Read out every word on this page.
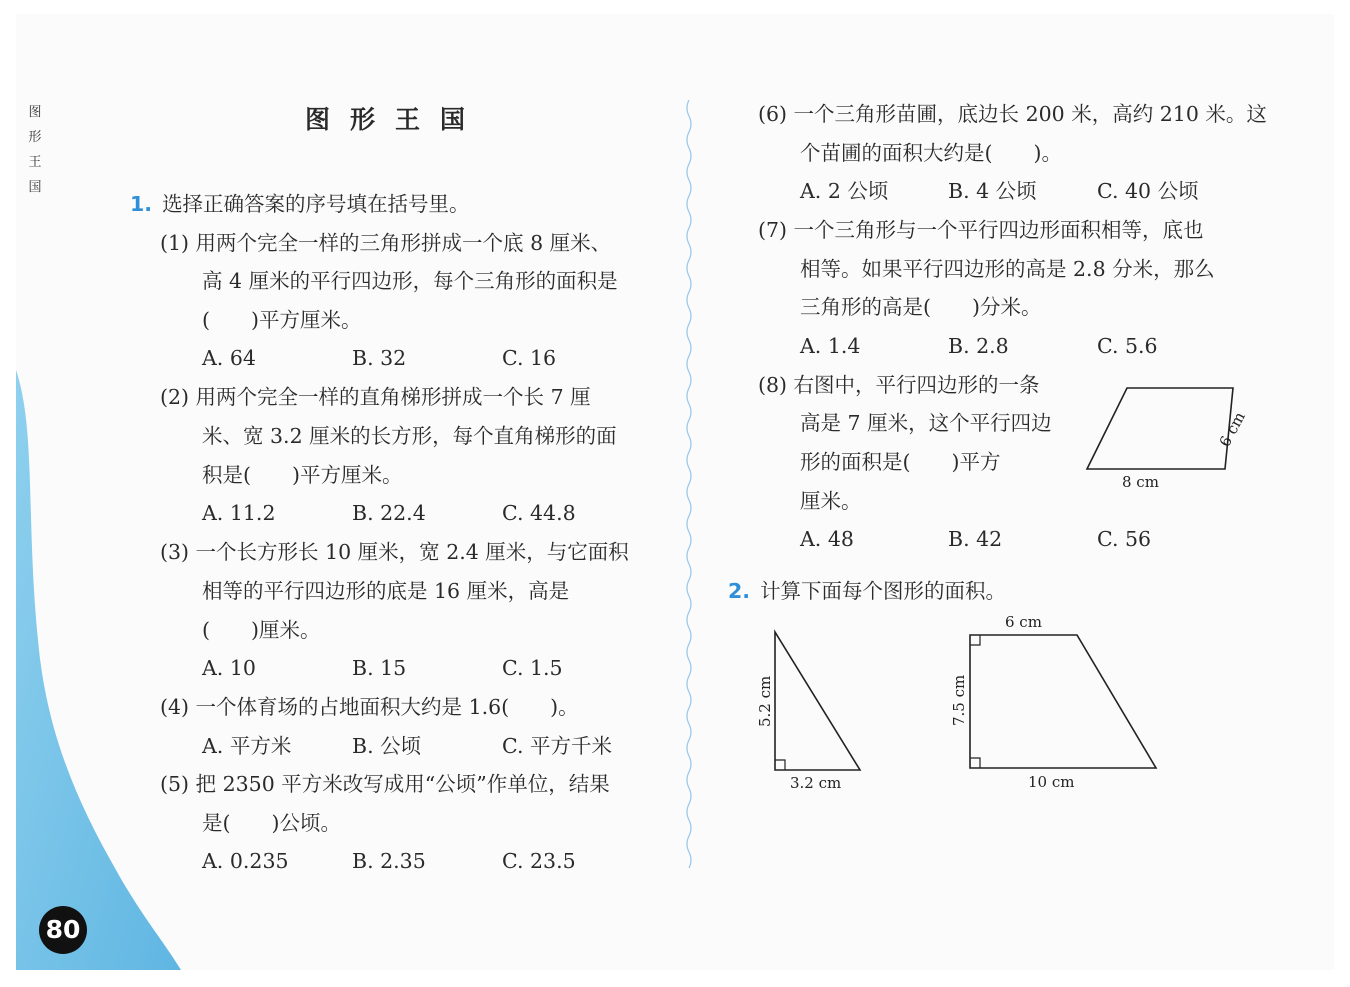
图
形
王
国
80
图形王国
1. 选择正确答案的序号填在括号里。
(1) 用两个完全一样的三角形拼成一个底 8 厘米、
高 4 厘米的平行四边形，每个三角形的面积是
(　　)平方厘米。
A. 64	B. 32	C. 16
(2) 用两个完全一样的直角梯形拼成一个长 7 厘
米、宽 3.2 厘米的长方形，每个直角梯形的面
积是(　　)平方厘米。
A. 11.2	B. 22.4	C. 44.8
(3) 一个长方形长 10 厘米，宽 2.4 厘米，与它面积
相等的平行四边形的底是 16 厘米，高是
(　　)厘米。
A. 10	B. 15	C. 1.5
(4) 一个体育场的占地面积大约是 1.6(　　)。
A. 平方米	B. 公顷	C. 平方千米
(5) 把 2350 平方米改写成用“公顷”作单位，结果
是(　　)公顷。
A. 0.235	B. 2.35	C. 23.5
(6) 一个三角形苗圃，底边长 200 米，高约 210 米。这
个苗圃的面积大约是(　　)。
A. 2 公顷	B. 4 公顷	C. 40 公顷
(7) 一个三角形与一个平行四边形面积相等，底也
相等。如果平行四边形的高是 2.8 分米，那么
三角形的高是(　　)分米。
A. 1.4	B. 2.8	C. 5.6
(8) 右图中，平行四边形的一条
高是 7 厘米，这个平行四边
形的面积是(　　)平方
厘米。
A. 48	B. 42	C. 56
8 cm
6 cm
2. 计算下面每个图形的面积。
3.2 cm
5.2 cm
6 cm
10 cm
7.5 cm
